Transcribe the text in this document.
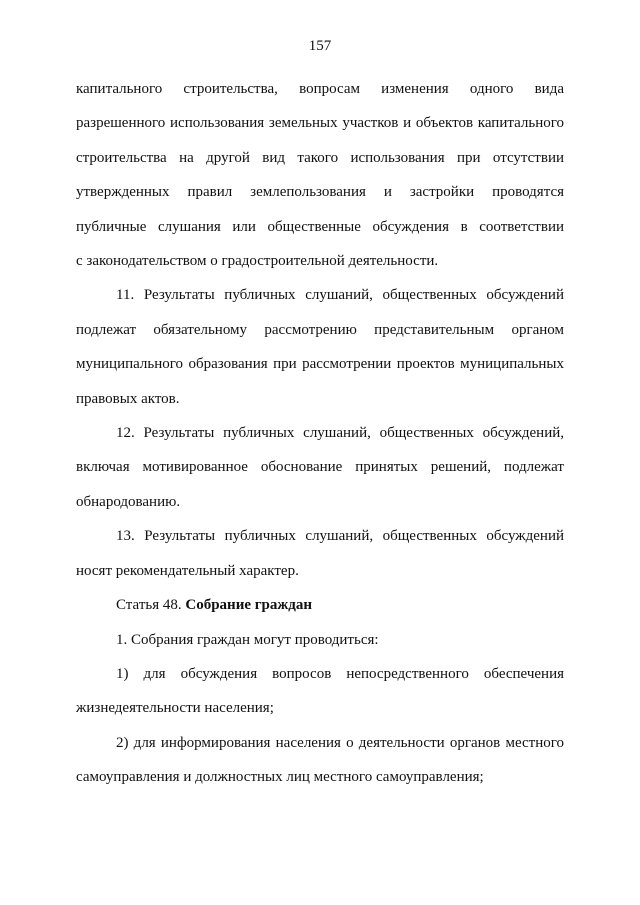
157
капитального строительства, вопросам изменения одного вида
разрешенного использования земельных участков и объектов капитального
строительства на другой вид такого использования при отсутствии
утвержденных правил землепользования и застройки проводятся
публичные слушания или общественные обсуждения в соответствии
с законодательством о градостроительной деятельности.
11. Результаты публичных слушаний, общественных обсуждений
подлежат обязательному рассмотрению представительным органом
муниципального образования при рассмотрении проектов муниципальных
правовых актов.
12. Результаты публичных слушаний, общественных обсуждений,
включая мотивированное обоснование принятых решений, подлежат
обнародованию.
13. Результаты публичных слушаний, общественных обсуждений
носят рекомендательный характер.
Статья 48. Собрание граждан
1. Собрания граждан могут проводиться:
1) для обсуждения вопросов непосредственного обеспечения
жизнедеятельности населения;
2) для информирования населения о деятельности органов местного
самоуправления и должностных лиц местного самоуправления;
